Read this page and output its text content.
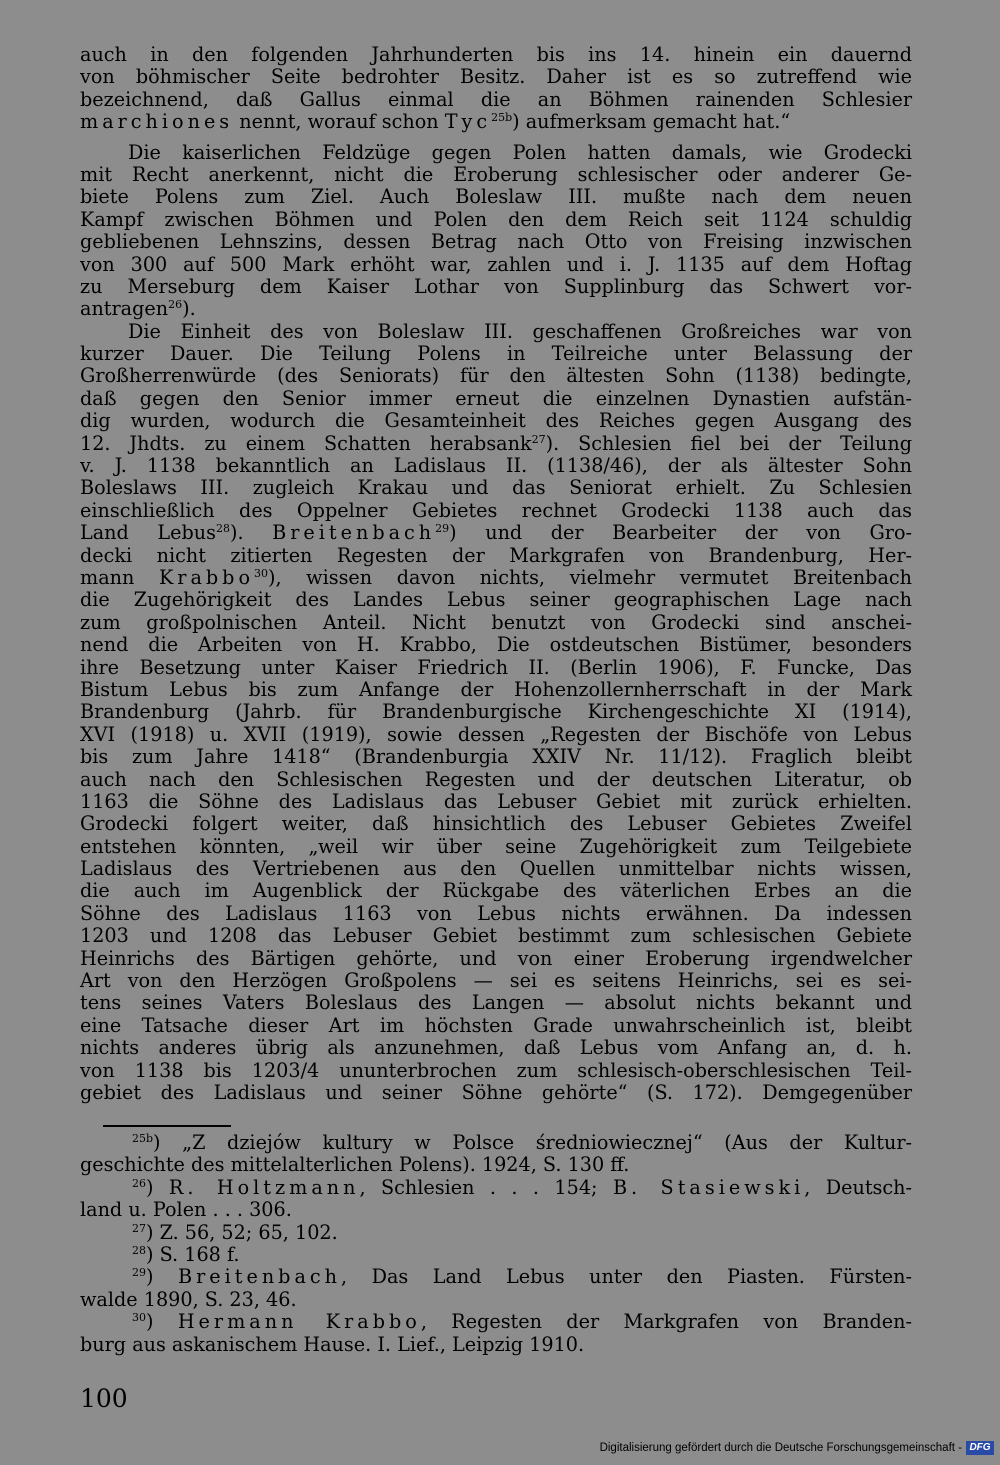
auch in den folgenden Jahrhunderten bis ins 14. hinein ein dauernd
von böhmischer Seite bedrohter Besitz. Daher ist es so zutreffend wie
bezeichnend, daß Gallus einmal die an Böhmen rainenden Schlesier
marchiones nennt, worauf schon Tyc$^{25b}$) aufmerksam gemacht hat.“
Die kaiserlichen Feldzüge gegen Polen hatten damals, wie Grodecki
mit Recht anerkennt, nicht die Eroberung schlesischer oder anderer Ge-
biete Polens zum Ziel. Auch Boleslaw III. mußte nach dem neuen
Kampf zwischen Böhmen und Polen den dem Reich seit 1124 schuldig
gebliebenen Lehnszins, dessen Betrag nach Otto von Freising inzwischen
von 300 auf 500 Mark erhöht war, zahlen und i. J. 1135 auf dem Hoftag
zu Merseburg dem Kaiser Lothar von Supplinburg das Schwert vor-
antragen$^{26}$).
Die Einheit des von Boleslaw III. geschaffenen Großreiches war von
kurzer Dauer. Die Teilung Polens in Teilreiche unter Belassung der
Großherrenwürde (des Seniorats) für den ältesten Sohn (1138) bedingte,
daß gegen den Senior immer erneut die einzelnen Dynastien aufstän-
dig wurden, wodurch die Gesamteinheit des Reiches gegen Ausgang des
12. Jhdts. zu einem Schatten herabsank$^{27}$). Schlesien fiel bei der Teilung
v. J. 1138 bekanntlich an Ladislaus II. (1138/46), der als ältester Sohn
Boleslaws III. zugleich Krakau und das Seniorat erhielt. Zu Schlesien
einschließlich des Oppelner Gebietes rechnet Grodecki 1138 auch das
Land Lebus$^{28}$). Breitenbach$^{29}$) und der Bearbeiter der von Gro-
decki nicht zitierten Regesten der Markgrafen von Brandenburg, Her-
mann Krabbo$^{30}$), wissen davon nichts, vielmehr vermutet Breitenbach
die Zugehörigkeit des Landes Lebus seiner geographischen Lage nach
zum großpolnischen Anteil. Nicht benutzt von Grodecki sind anschei-
nend die Arbeiten von H. Krabbo, Die ostdeutschen Bistümer, besonders
ihre Besetzung unter Kaiser Friedrich II. (Berlin 1906), F. Funcke, Das
Bistum Lebus bis zum Anfange der Hohenzollernherrschaft in der Mark
Brandenburg (Jahrb. für Brandenburgische Kirchengeschichte XI (1914),
XVI (1918) u. XVII (1919), sowie dessen „Regesten der Bischöfe von Lebus
bis zum Jahre 1418“ (Brandenburgia XXIV Nr. 11/12). Fraglich bleibt
auch nach den Schlesischen Regesten und der deutschen Literatur, ob
1163 die Söhne des Ladislaus das Lebuser Gebiet mit zurück erhielten.
Grodecki folgert weiter, daß hinsichtlich des Lebuser Gebietes Zweifel
entstehen könnten, „weil wir über seine Zugehörigkeit zum Teilgebiete
Ladislaus des Vertriebenen aus den Quellen unmittelbar nichts wissen,
die auch im Augenblick der Rückgabe des väterlichen Erbes an die
Söhne des Ladislaus 1163 von Lebus nichts erwähnen. Da indessen
1203 und 1208 das Lebuser Gebiet bestimmt zum schlesischen Gebiete
Heinrichs des Bärtigen gehörte, und von einer Eroberung irgendwelcher
Art von den Herzögen Großpolens — sei es seitens Heinrichs, sei es sei-
tens seines Vaters Boleslaus des Langen — absolut nichts bekannt und
eine Tatsache dieser Art im höchsten Grade unwahrscheinlich ist, bleibt
nichts anderes übrig als anzunehmen, daß Lebus vom Anfang an, d. h.
von 1138 bis 1203/4 ununterbrochen zum schlesisch-oberschlesischen Teil-
gebiet des Ladislaus und seiner Söhne gehörte“ (S. 172). Demgegenüber
$^{25b}$) „Z dziejów kultury w Polsce średniowiecznej“ (Aus der Kultur-
geschichte des mittelalterlichen Polens). 1924, S. 130 ff.
$^{26}$) R. Holtzmann, Schlesien . . . 154; B. Stasiewski, Deutsch-
land u. Polen . . . 306.
$^{27}$) Z. 56, 52; 65, 102.
$^{28}$) S. 168 f.
$^{29}$) Breitenbach, Das Land Lebus unter den Piasten. Fürsten-
walde 1890, S. 23, 46.
$^{30}$) Hermann Krabbo, Regesten der Markgrafen von Branden-
burg aus askanischem Hause. I. Lief., Leipzig 1910.
100
Digitalisierung gefördert durch die Deutsche Forschungsgemeinschaft - DFG
